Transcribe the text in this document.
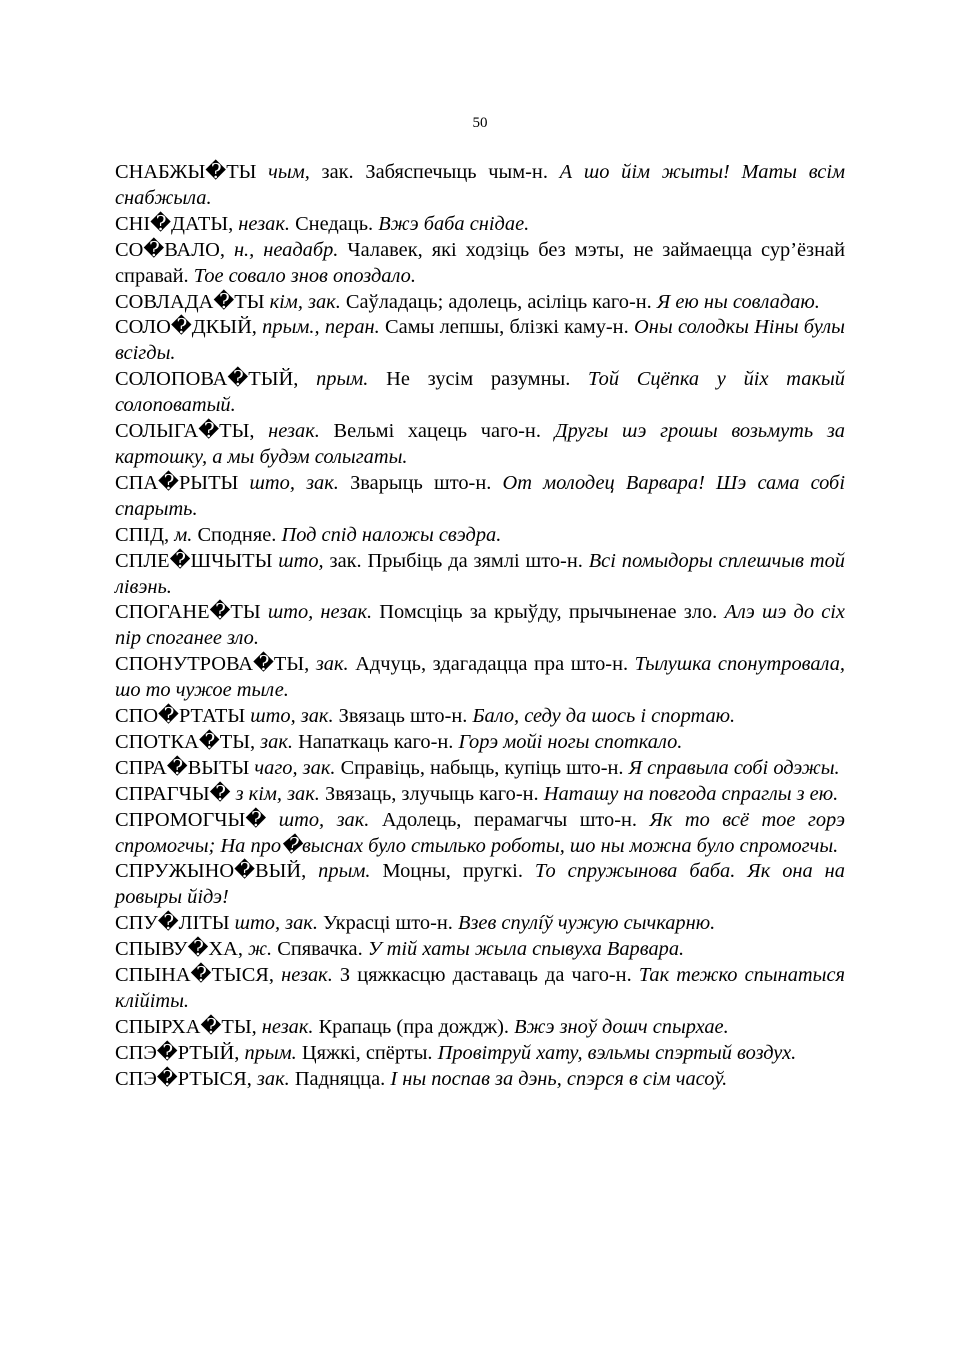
50

СНАБЖЫ�ТЫ чым, зак. Забяспечыць чым-н. А шо йім жыты! Маты всім снабжыла.

СНІ�ДАТЫ, незак. Снедаць. Вжэ баба снідае.

СО�ВАЛО, н., неадабр. Чалавек, які ходзіць без мэты, не займаецца сур’ёзнай справай. Тое совало знов опоздало.

СОВЛАДА�ТЫ кім, зак. Саўладаць; адолець, асіліць каго-н. Я ею ны совладаю.

СОЛО�ДКЫЙ, прым., перан. Самы лепшы, блізкі каму-н. Оны солодкы Ніны булы всігды.

СОЛОПОВА�ТЫЙ, прым. Не зусім разумны. Той Сцёпка у йіх такый солоповатый.

СОЛЫГА�ТЫ, незак. Вельмі хацець чаго-н. Другы шэ грошы возьмуть за картошку, а мы будэм солыгаты.

СПА�РЫТЫ што, зак. Зварыць што-н. От молодец Варвара! Шэ сама собі спарыть.

СПІД, м. Сподняе. Под спід наложы свэдра.

СПЛЕ�ШЧЫТЫ што, зак. Прыбіць да зямлі што-н. Всі помыдоры сплешчыв той лівэнь.

СПОГАНЕ�ТЫ што, незак. Помсціць за крыўду, прычыненае зло. Алэ шэ до сіх пір споганее зло.

СПОНУТРОВА�ТЫ, зак. Адчуць, здагадацца пра што-н. Тылушка спонутровала, шо то чужое тыле.

СПО�РТАТЫ што, зак. Звязаць што-н. Бало, седу да шось і спортаю.

СПОТКА�ТЫ, зак. Напаткаць каго-н. Горэ мойі ногы споткало.

СПРА�ВЫТЫ чаго, зак. Справіць, набыць, купіць што-н. Я справыла собі одэжы.

СПРАГЧЫ� з кім, зак. Звязаць, злучыць каго-н. Наташу на повгода спраглы з ею.

СПРОМОГЧЫ� што, зак. Адолець, перамагчы што-н. Як то всё тое горэ спромогчы; На про�выснах було стылько роботы, шо ны можна було спромогчы.

СПРУЖЫНО�ВЫЙ, прым. Моцны, пругкі. То спружынова баба. Як она на ровыры йідэ!

СПУ�ЛІТЫ што, зак. Украсці што-н. Взев спулíў чужую сычкарню.

СПЫВУ�ХА, ж. Спявачка. У тій хаты жыла спывуха Варвара.

СПЫНА�ТЫСЯ, незак. З цяжкасцю даставаць да чаго-н. Так тежко спынатыся клійіты.

СПЫРХА�ТЫ, незак. Крапаць (пра дождж). Вжэ зноў дошч спырхае.

СПЭ�РТЫЙ, прым. Цяжкі, спёрты. Провітруй хату, вэльмы спэртый воздух.

СПЭ�РТЫСЯ, зак. Падняцца. І ны поспав за дэнь, спэрся в сім часоў.
